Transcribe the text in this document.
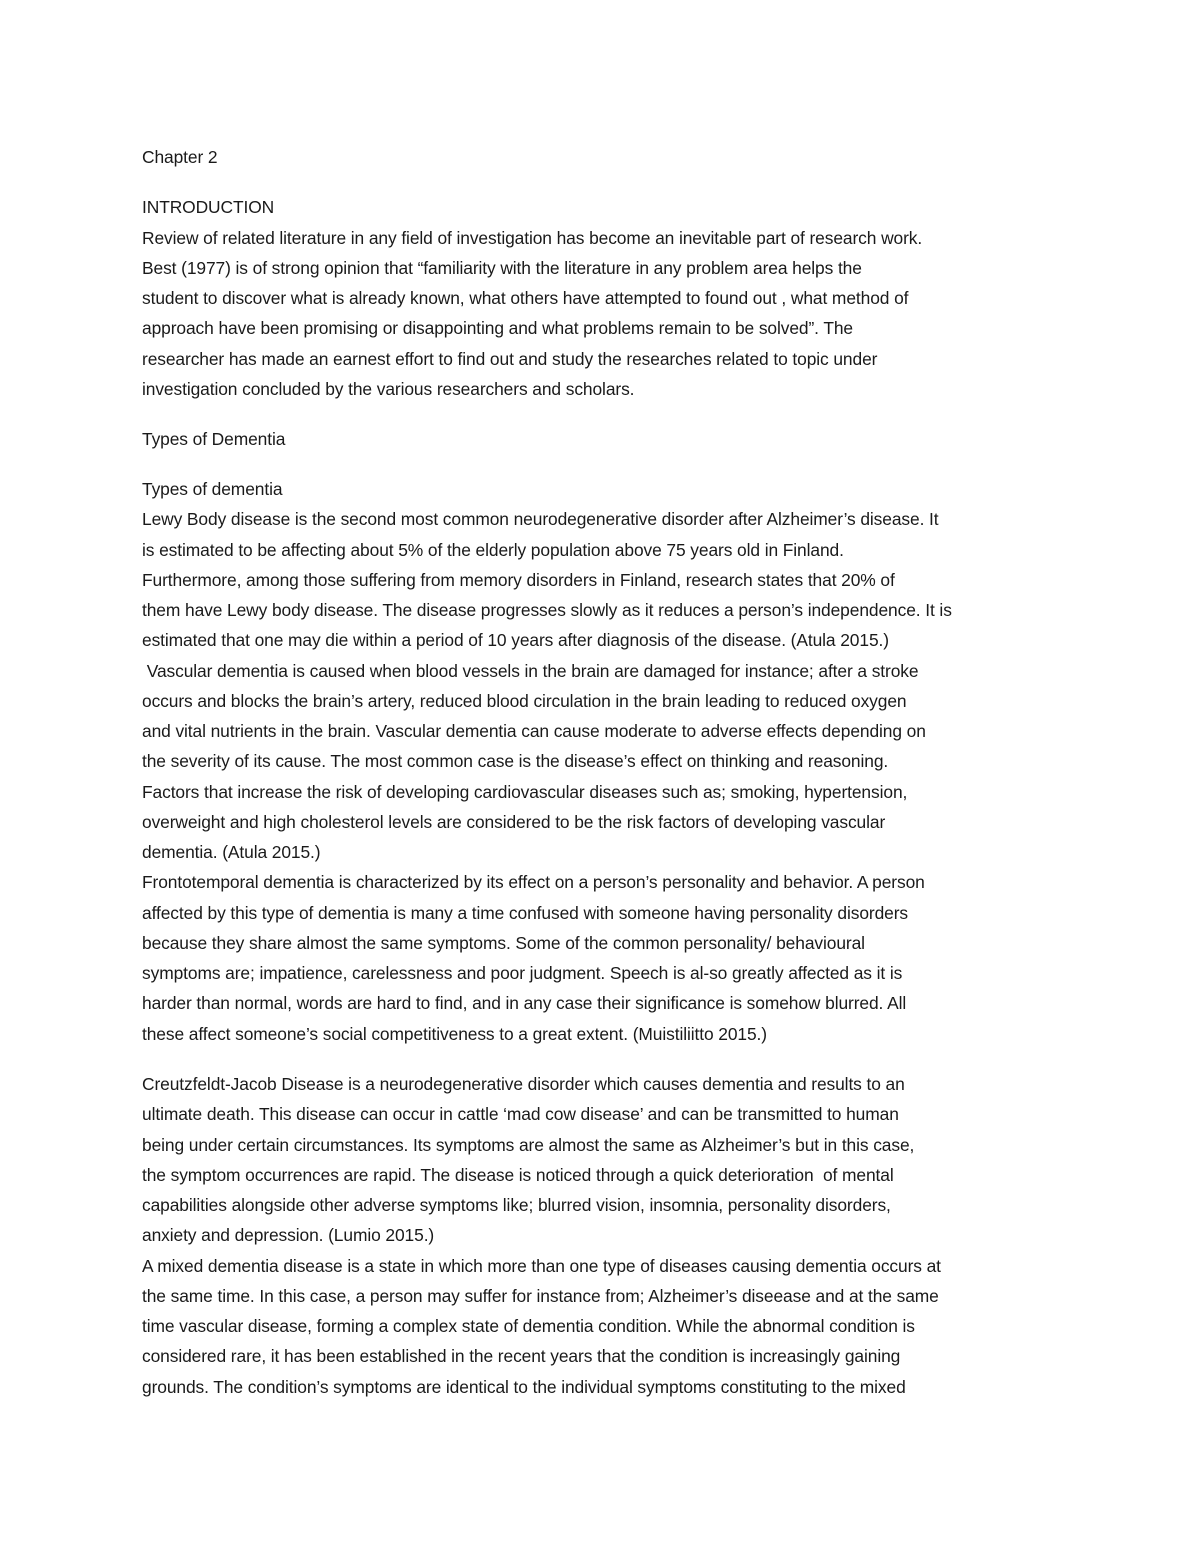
Chapter 2
INTRODUCTION
Review of related literature in any field of investigation has become an inevitable part of research work.
Best (1977) is of strong opinion that “familiarity with the literature in any problem area helps the
student to discover what is already known, what others have attempted to found out , what method of
approach have been promising or disappointing and what problems remain to be solved”. The
researcher has made an earnest effort to find out and study the researches related to topic under
investigation concluded by the various researchers and scholars.
Types of Dementia
Types of dementia
Lewy Body disease is the second most common neurodegenerative disorder after Alzheimer’s disease. It
is estimated to be affecting about 5% of the elderly population above 75 years old in Finland.
Furthermore, among those suffering from memory disorders in Finland, research states that 20% of
them have Lewy body disease. The disease progresses slowly as it reduces a person’s independence. It is
estimated that one may die within a period of 10 years after diagnosis of the disease. (Atula 2015.)
Vascular dementia is caused when blood vessels in the brain are damaged for instance; after a stroke
occurs and blocks the brain’s artery, reduced blood circulation in the brain leading to reduced oxygen
and vital nutrients in the brain. Vascular dementia can cause moderate to adverse effects depending on
the severity of its cause. The most common case is the disease’s effect on thinking and reasoning.
Factors that increase the risk of developing cardiovascular diseases such as; smoking, hypertension,
overweight and high cholesterol levels are considered to be the risk factors of developing vascular
dementia. (Atula 2015.)
Frontotemporal dementia is characterized by its effect on a person’s personality and behavior. A person
affected by this type of dementia is many a time confused with someone having personality disorders
because they share almost the same symptoms. Some of the common personality/ behavioural
symptoms are; impatience, carelessness and poor judgment. Speech is al-so greatly affected as it is
harder than normal, words are hard to find, and in any case their significance is somehow blurred. All
these affect someone’s social competitiveness to a great extent. (Muistiliitto 2015.)
Creutzfeldt-Jacob Disease is a neurodegenerative disorder which causes dementia and results to an
ultimate death. This disease can occur in cattle ‘mad cow disease’ and can be transmitted to human
being under certain circumstances. Its symptoms are almost the same as Alzheimer’s but in this case,
the symptom occurrences are rapid. The disease is noticed through a quick deterioration  of mental
capabilities alongside other adverse symptoms like; blurred vision, insomnia, personality disorders,
anxiety and depression. (Lumio 2015.)
A mixed dementia disease is a state in which more than one type of diseases causing dementia occurs at
the same time. In this case, a person may suffer for instance from; Alzheimer’s diseease and at the same
time vascular disease, forming a complex state of dementia condition. While the abnormal condition is
considered rare, it has been established in the recent years that the condition is increasingly gaining
grounds. The condition’s symptoms are identical to the individual symptoms constituting to the mixed
